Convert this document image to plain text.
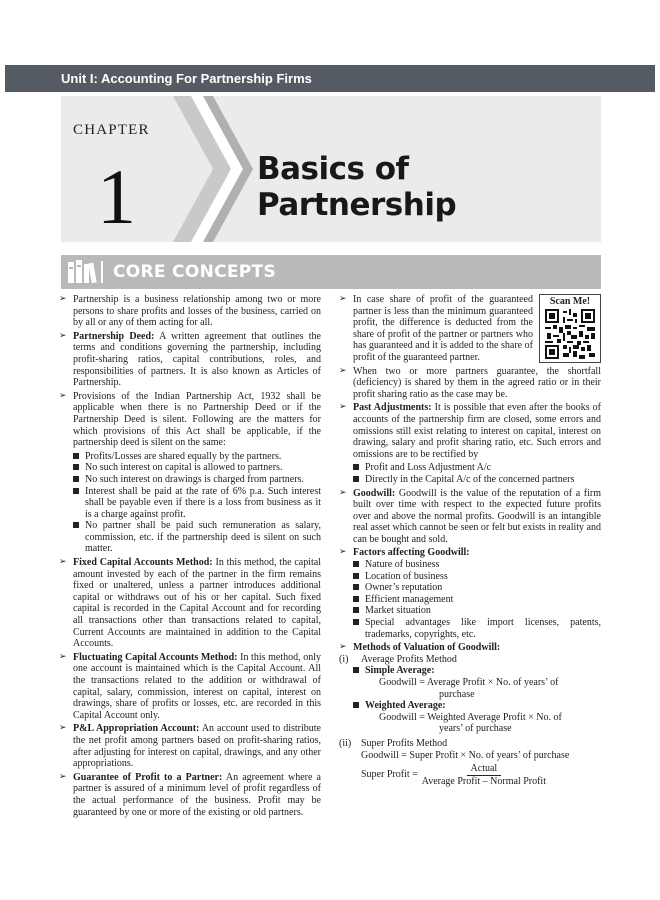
Unit I: Accounting For Partnership Firms
CHAPTER
1	Basics of Partnership
CORE CONCEPTS

➢ Partnership is a business relationship among two or more persons to share profits and losses of the business, carried on by all or any of them acting for all.

➢ Partnership Deed: A written agreement that outlines the terms and conditions governing the partnership, including profit-sharing ratios, capital contributions, roles, and responsibilities of partners. It is also known as Articles of Partnership.

➢ Provisions of the Indian Partnership Act, 1932 shall be applicable when there is no Partnership Deed or if the Partnership Deed is silent. Following are the matters for which provisions of this Act shall be applicable, if the partnership deed is silent on the same:

Profits/Losses are shared equally by the partners.

No such interest on capital is allowed to partners.

No such interest on drawings is charged from partners.

Interest shall be paid at the rate of 6% p.a. Such interest shall be payable even if there is a loss from business as it is a charge against profit.

No partner shall be paid such remuneration as salary, commission, etc. if the partnership deed is silent on such matter.

➢ Fixed Capital Accounts Method: In this method, the capital amount invested by each of the partner in the firm remains fixed or unaltered, unless a partner introduces additional capital or withdraws out of his or her capital. Such fixed capital is recorded in the Capital Account and for recording all transactions other than transactions related to capital, Current Accounts are maintained in addition to the Capital Accounts.

➢ Fluctuating Capital Accounts Method: In this method, only one account is maintained which is the Capital Account. All the transactions related to the addition or withdrawal of capital, salary, commission, interest on capital, interest on drawings, share of profits or losses, etc. are recorded in this Capital Account only.

➢ P&L Appropriation Account: An account used to distribute the net profit among partners based on profit-sharing ratios, after adjusting for interest on capital, drawings, and any other appropriations.

➢ Guarantee of Profit to a Partner: An agreement where a partner is assured of a minimum level of profit regardless of the actual performance of the business. Profit may be guaranteed by one or more of the existing or old partners.

Scan Me!

➢ In case share of profit of the guaranteed partner is less than the minimum guaranteed profit, the difference is deducted from the share of profit of the partner or partners who has guaranteed and it is added to the share of profit of the guaranteed partner.

➢ When two or more partners guarantee, the shortfall (deficiency) is shared by them in the agreed ratio or in their profit sharing ratio as the case may be.

➢ Past Adjustments: It is possible that even after the books of accounts of the partnership firm are closed, some errors and omissions still exist relating to interest on capital, interest on drawing, salary and profit sharing ratio, etc. Such errors and omissions are to be rectified by

Profit and Loss Adjustment A/c

Directly in the Capital A/c of the concerned partners

➢ Goodwill: Goodwill is the value of the reputation of a firm built over time with respect to the expected future profits over and above the normal profits. Goodwill is an intangible real asset which cannot be seen or felt but exists in reality and can be bought and sold.

➢ Factors affecting Goodwill:

Nature of business

Location of business

Owner’s reputation

Efficient management

Market situation

Special advantages like import licenses, patents, trademarks, copyrights, etc.

➢ Methods of Valuation of Goodwill:

(i) Average Profits Method

Simple Average:

Goodwill = Average Profit × No. of years’ of
purchase

Weighted Average:

Goodwill = Weighted Average Profit × No. of
years’ of purchase

(ii) Super Profits Method

Goodwill = Super Profit × No. of years’ of purchase

Super Profit = $\frac{\text{Actual}}{\text{Average Profit – Normal Profit}}$
